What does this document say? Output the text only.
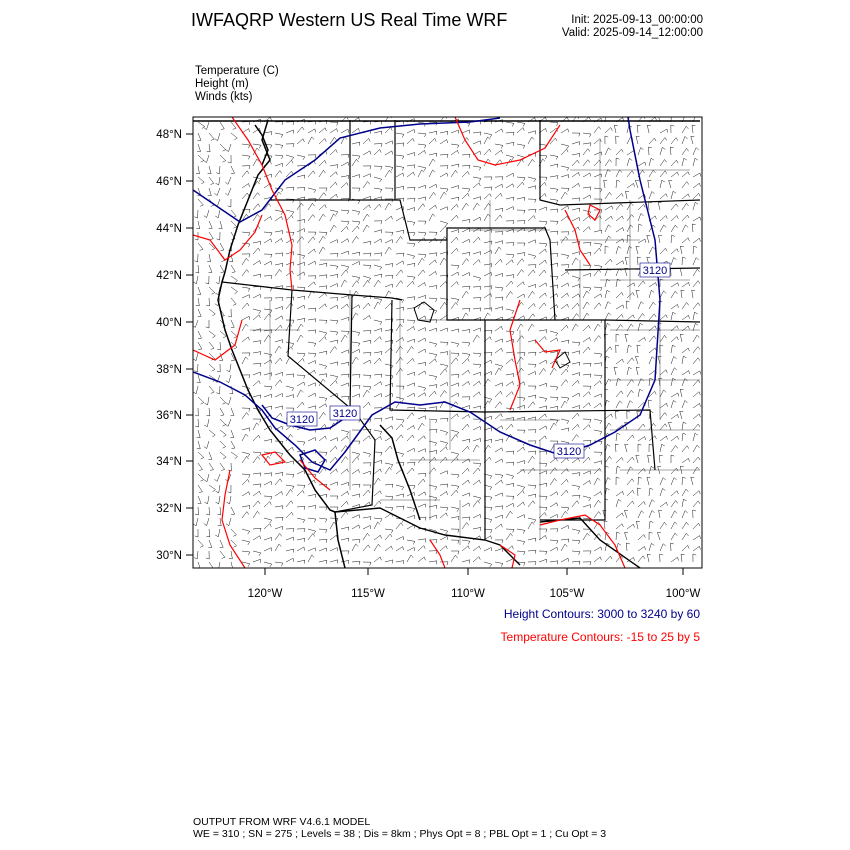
IWFAQRP Western US Real Time WRF	Init: 2025-09-13_00:00:00
Valid: 2025-09-14_12:00:00
Temperature (C)
Height (m)
Winds (kts)
48°N
46°N
44°N
42°N
40°N
38°N
36°N
34°N
32°N
30°N
120°W	115°W	110°W	105°W	100°W
3120 3120
3120
3120
Height Contours: 3000 to 3240 by 60
Temperature Contours: -15 to 25 by 5
OUTPUT FROM WRF V4.6.1 MODEL
WE = 310 ; SN = 275 ; Levels = 38 ; Dis = 8km ; Phys Opt = 8 ; PBL Opt = 1 ; Cu Opt = 3
